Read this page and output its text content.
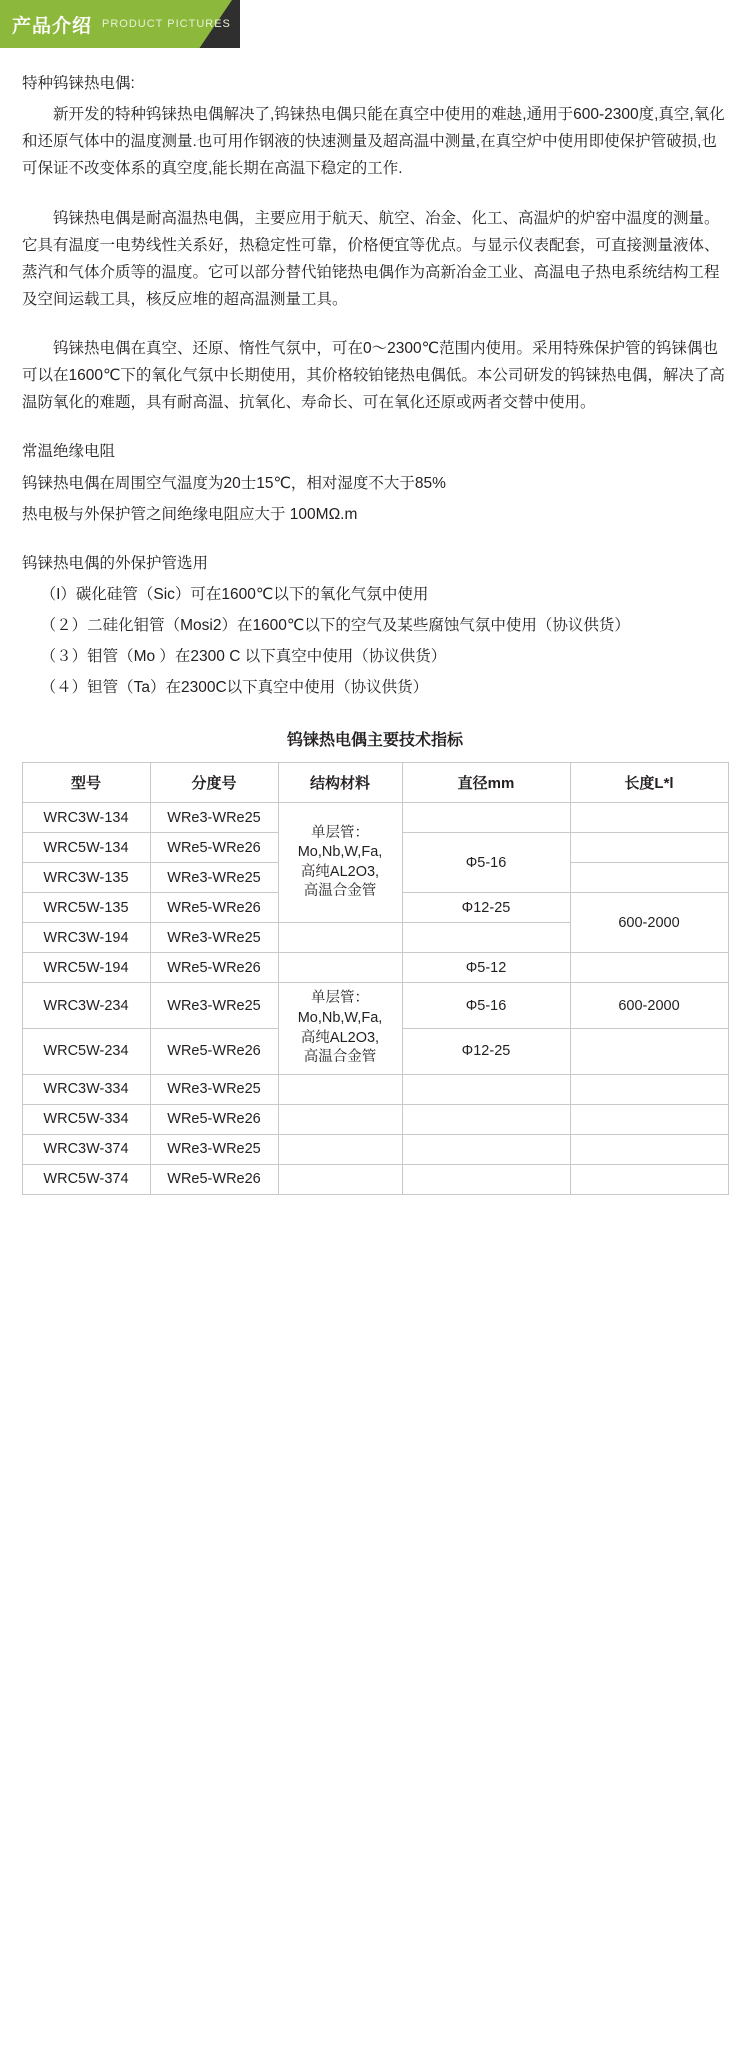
产品介绍 PRODUCT PICTURES

特种钨铼热电偶:

新开发的特种钨铼热电偶解决了,钨铼热电偶只能在真空中使用的难赽,通用于600-2300度,真空,氧化和还原气体中的温度测量.也可用作钢液的快速测量及超高温中测量,在真空炉中使用即使保护管破损,也可保证不改变体系的真空度,能长期在高温下稳定的工作.

钨铼热电偶是耐高温热电偶，主要应用于航天、航空、冶金、化工、高温炉的炉窑中温度的测量。它具有温度一电势线性关系好，热稳定性可靠，价格便宜等优点。与显示仪表配套，可直接测量液体、蒸汽和气体介质等的温度。它可以部分替代铂铑热电偶作为高新冶金工业、高温电子热电系统结构工程及空间运载工具，核反应堆的超高温测量工具。

钨铼热电偶在真空、还原、惰性气氛中，可在0～2300℃范围内使用。采用特殊保护管的钨铼偶也可以在1600℃下的氧化气氛中长期使用，其价格较铂铑热电偶低。本公司研发的钨铼热电偶，解决了高温防氧化的难题，具有耐高温、抗氧化、寿命长、可在氧化还原或两者交替中使用。

常温绝缘电阻

钨铼热电偶在周围空气温度为20士15℃，相对湿度不大于85%

热电极与外保护管之间绝缘电阻应大于 100MΩ.m

钨铼热电偶的外保护管选用

（I）碳化硅管（Sic）可在1600℃以下的氧化气氛中使用

（２）二硅化钼管（Mosi2）在1600℃以下的空气及某些腐蚀气氛中使用（协议供货）

（３）钼管（Mo ）在2300 C 以下真空中使用（协议供货）

（４）钽管（Ta）在2300C以下真空中使用（协议供货）

钨铼热电偶主要技术指标
型号	分度号	结构材料	直径mm	长度L*l
WRC3W-134	WRe3-WRe25	单层管：
Mo,Nb,W,Fa,
高纯AL2O3,
高温合金管		
WRC5W-134	WRe5-WRe26		Φ5-16	
WRC3W-135	WRe3-WRe25			
WRC5W-135	WRe5-WRe26		Φ12-25	600-2000
WRC3W-194	WRe3-WRe25			
WRC5W-194	WRe5-WRe26		Φ5-12	
WRC3W-234	WRe3-WRe25	单层管：
Mo,Nb,W,Fa,
高纯AL2O3,
高温合金管	Φ5-16	600-2000
WRC5W-234	WRe5-WRe26		Φ12-25	
WRC3W-334	WRe3-WRe25			
WRC5W-334	WRe5-WRe26			
WRC3W-374	WRe3-WRe25			
WRC5W-374	WRe5-WRe26			
